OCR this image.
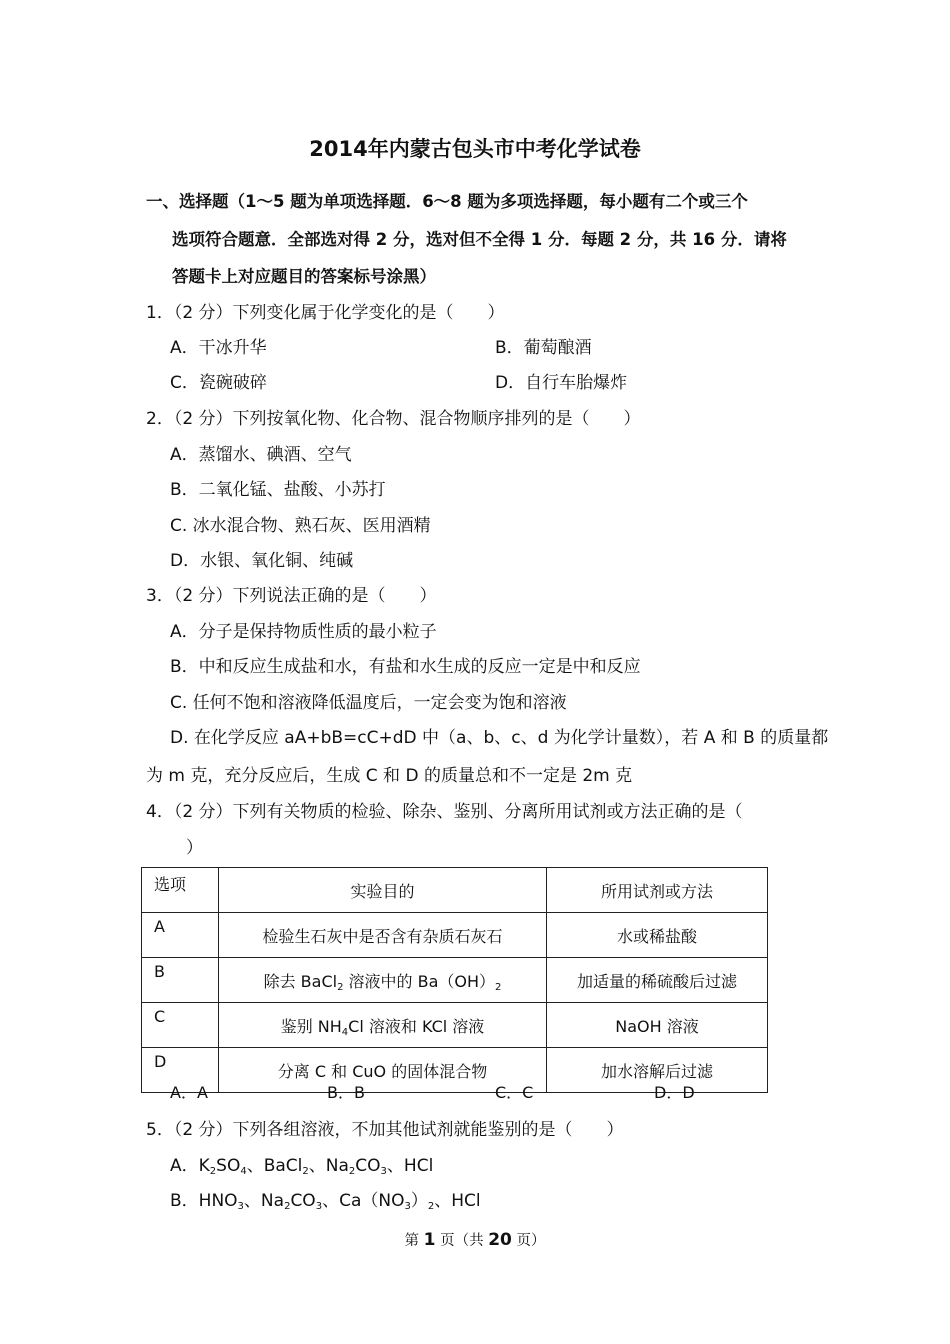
2014年内蒙古包头市中考化学试卷
一、选择题（1～5 题为单项选择题．6～8 题为多项选择题，每小题有二个或三个
选项符合题意．全部选对得 2 分，选对但不全得 1 分．每题 2 分，共 16 分．请将
答题卡上对应题目的答案标号涂黑）
1．（2 分）下列变化属于化学变化的是（　　）
A．干冰升华	B．葡萄酿酒
C．瓷碗破碎	D．自行车胎爆炸
2．（2 分）下列按氧化物、化合物、混合物顺序排列的是（　　）
A．蒸馏水、碘酒、空气
B．二氧化锰、盐酸、小苏打
C. 冰水混合物、熟石灰、医用酒精
D．水银、氧化铜、纯碱
3．（2 分）下列说法正确的是（　　）
A．分子是保持物质性质的最小粒子
B．中和反应生成盐和水，有盐和水生成的反应一定是中和反应
C. 任何不饱和溶液降低温度后，一定会变为饱和溶液
D. 在化学反应 aA+bB=cC+dD 中（a、b、c、d 为化学计量数），若 A 和 B 的质量都
为 m 克，充分反应后，生成 C 和 D 的质量总和不一定是 2m 克
4．（2 分）下列有关物质的检验、除杂、鉴别、分离所用试剂或方法正确的是（
）
选项	实验目的	所用试剂或方法
A	检验生石灰中是否含有杂质石灰石	水或稀盐酸
B	除去 BaCl$_2$ 溶液中的 $Ba(OH)_2$	加适量的稀硫酸后过滤
C	鉴别 $NH_4Cl$ 溶液和 KCl 溶液	NaOH 溶液
D	分离 C 和 CuO 的固体混合物	加水溶解后过滤
A．A	B．B	C．C	D．D
5．（2 分）下列各组溶液，不加其他试剂就能鉴别的是（　　）
A．$K_2SO_4$、BaCl$_2$、$Na_2CO_3$、HCl
B．$HNO_3$、$Na_2CO_3$、$Ca(NO_3)_2$、HCl
第 1 页（共 20 页）
